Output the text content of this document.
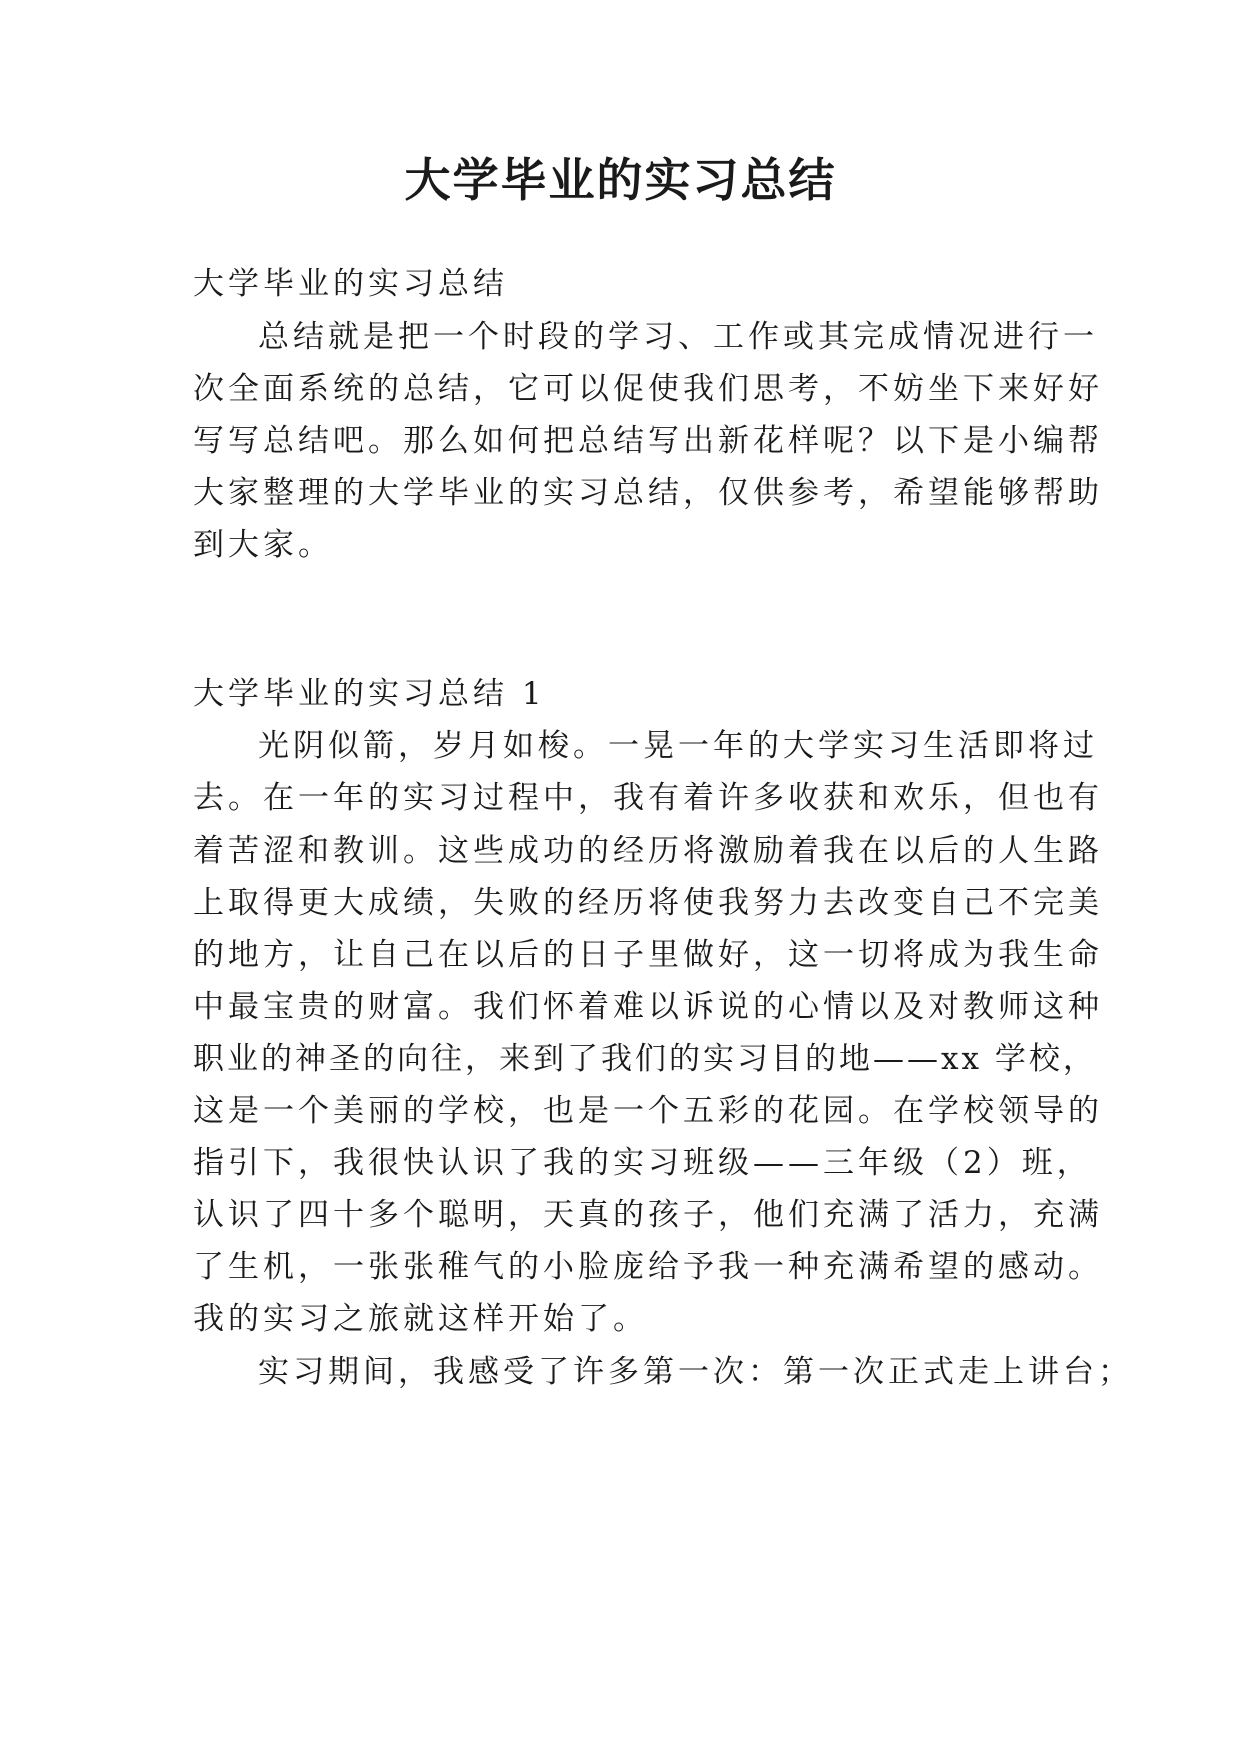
大学毕业的实习总结

大学毕业的实习总结

总结就是把一个时段的学习、工作或其完成情况进行一

次全面系统的总结，它可以促使我们思考，不妨坐下来好好

写写总结吧。那么如何把总结写出新花样呢？以下是小编帮

大家整理的大学毕业的实习总结，仅供参考，希望能够帮助

到大家。

大学毕业的实习总结 1

光阴似箭，岁月如梭。一晃一年的大学实习生活即将过

去。在一年的实习过程中，我有着许多收获和欢乐，但也有

着苦涩和教训。这些成功的经历将激励着我在以后的人生路

上取得更大成绩，失败的经历将使我努力去改变自己不完美

的地方，让自己在以后的日子里做好，这一切将成为我生命

中最宝贵的财富。我们怀着难以诉说的心情以及对教师这种

职业的神圣的向往，来到了我们的实习目的地——xx 学校，

这是一个美丽的学校，也是一个五彩的花园。在学校领导的

指引下，我很快认识了我的实习班级——三年级（2）班，

认识了四十多个聪明，天真的孩子，他们充满了活力，充满

了生机，一张张稚气的小脸庞给予我一种充满希望的感动。

我的实习之旅就这样开始了。

实习期间，我感受了许多第一次：第一次正式走上讲台；
